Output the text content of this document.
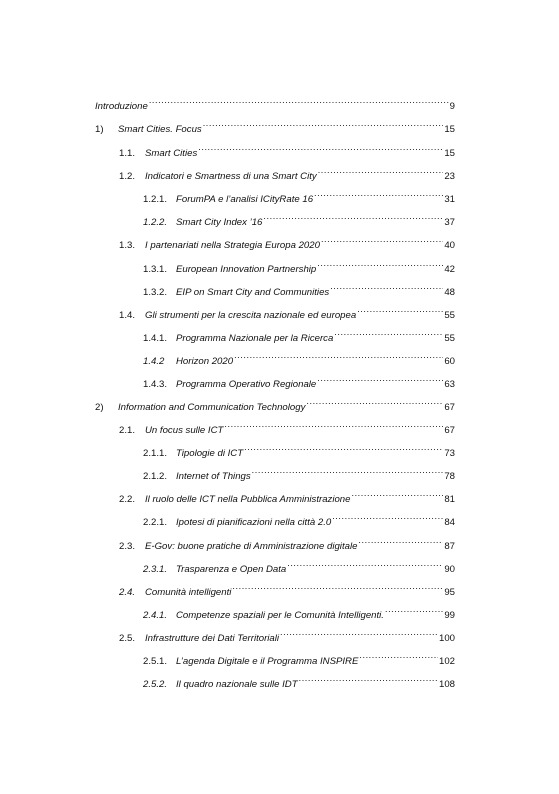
Introduzione .....	9
1)	Smart Cities. Focus .....	15
1.1.	Smart Cities .....	15
1.2.	Indicatori e Smartness di una Smart City .....	23
1.2.1. ForumPA e l’analisi ICityRate 16 .....	31
1.2.2. Smart City Index ’16 .....	37
1.3.	I partenariati nella Strategia Europa 2020 .....	40
1.3.1. European Innovation Partnership .....	42
1.3.2. EIP on Smart City and Communities .....	48
1.4.	Gli strumenti per la crescita nazionale ed europea .....	55
1.4.1. Programma Nazionale per la Ricerca .....	55
1.4.2	Horizon 2020 .....	60
1.4.3. Programma Operativo Regionale .....	63
2)	Information and Communication Technology .....	67
2.1.	Un focus sulle ICT .....	67
2.1.1. Tipologie di ICT .....	73
2.1.2. Internet of Things .....	78
2.2.	Il ruolo delle ICT nella Pubblica Amministrazione .....	81
2.2.1. Ipotesi di pianificazioni nella città 2.0 .....	84
2.3.	E-Gov: buone pratiche di Amministrazione digitale .....	87
2.3.1. Trasparenza e Open Data .....	90
2.4.	Comunità intelligenti .....	95
2.4.1. Competenze spaziali per le Comunità Intelligenti. .....	99
2.5.	Infrastrutture dei Dati Territoriali .....	100
2.5.1. L’agenda Digitale e il Programma INSPIRE .....	102
2.5.2. Il quadro nazionale sulle IDT .....	108
